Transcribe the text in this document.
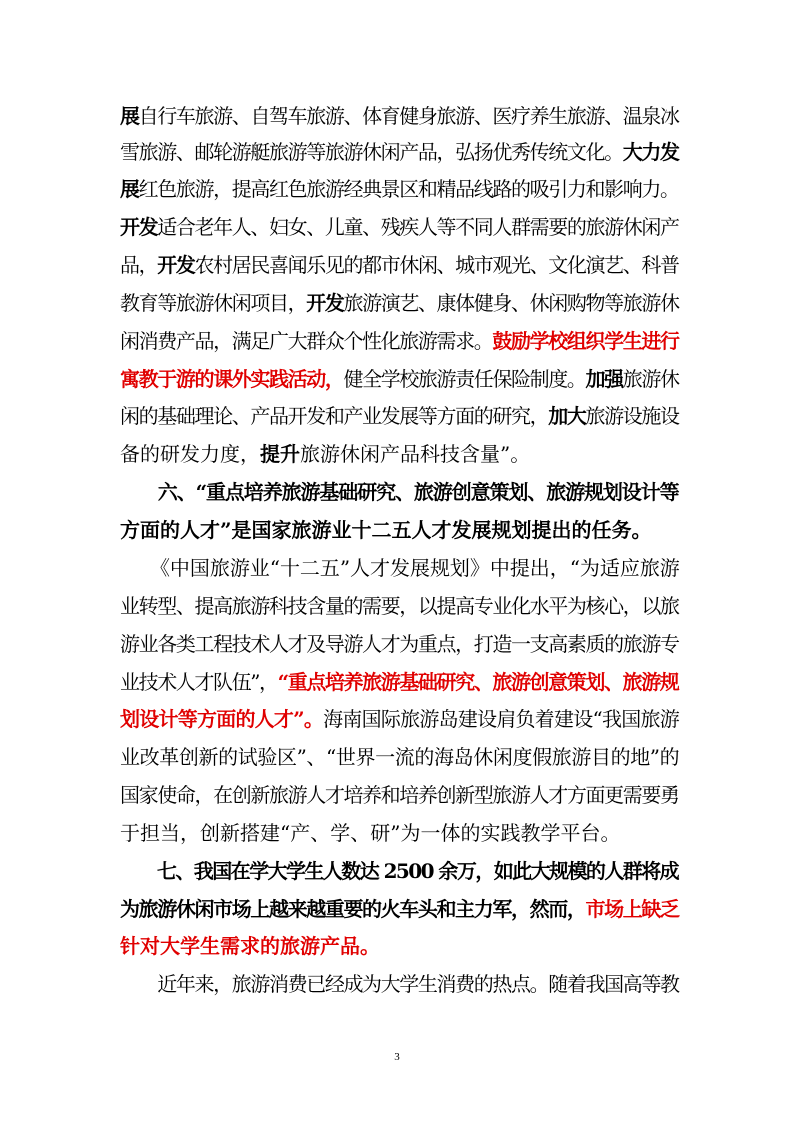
展自行车旅游、自驾车旅游、体育健身旅游、医疗养生旅游、温泉冰
雪旅游、邮轮游艇旅游等旅游休闲产品，弘扬优秀传统文化。大力发
展红色旅游，提高红色旅游经典景区和精品线路的吸引力和影响力。
开发适合老年人、妇女、儿童、残疾人等不同人群需要的旅游休闲产
品，开发农村居民喜闻乐见的都市休闲、城市观光、文化演艺、科普
教育等旅游休闲项目，开发旅游演艺、康体健身、休闲购物等旅游休
闲消费产品，满足广大群众个性化旅游需求。鼓励学校组织学生进行
寓教于游的课外实践活动，健全学校旅游责任保险制度。加强旅游休
闲的基础理论、产品开发和产业发展等方面的研究，加大旅游设施设
备的研发力度，提升旅游休闲产品科技含量”。
　　六、“重点培养旅游基础研究、旅游创意策划、旅游规划设计等
方面的人才”是国家旅游业十二五人才发展规划提出的任务。
　　《中国旅游业“十二五”人才发展规划》中提出，“为适应旅游
业转型、提高旅游科技含量的需要，以提高专业化水平为核心，以旅
游业各类工程技术人才及导游人才为重点，打造一支高素质的旅游专
业技术人才队伍”，“重点培养旅游基础研究、旅游创意策划、旅游规
划设计等方面的人才”。海南国际旅游岛建设肩负着建设“我国旅游
业改革创新的试验区”、“世界一流的海岛休闲度假旅游目的地”的
国家使命，在创新旅游人才培养和培养创新型旅游人才方面更需要勇
于担当，创新搭建“产、学、研”为一体的实践教学平台。
　　七、我国在学大学生人数达 2500 余万，如此大规模的人群将成
为旅游休闲市场上越来越重要的火车头和主力军，然而，市场上缺乏
针对大学生需求的旅游产品。
　　近年来，旅游消费已经成为大学生消费的热点。随着我国高等教
3
